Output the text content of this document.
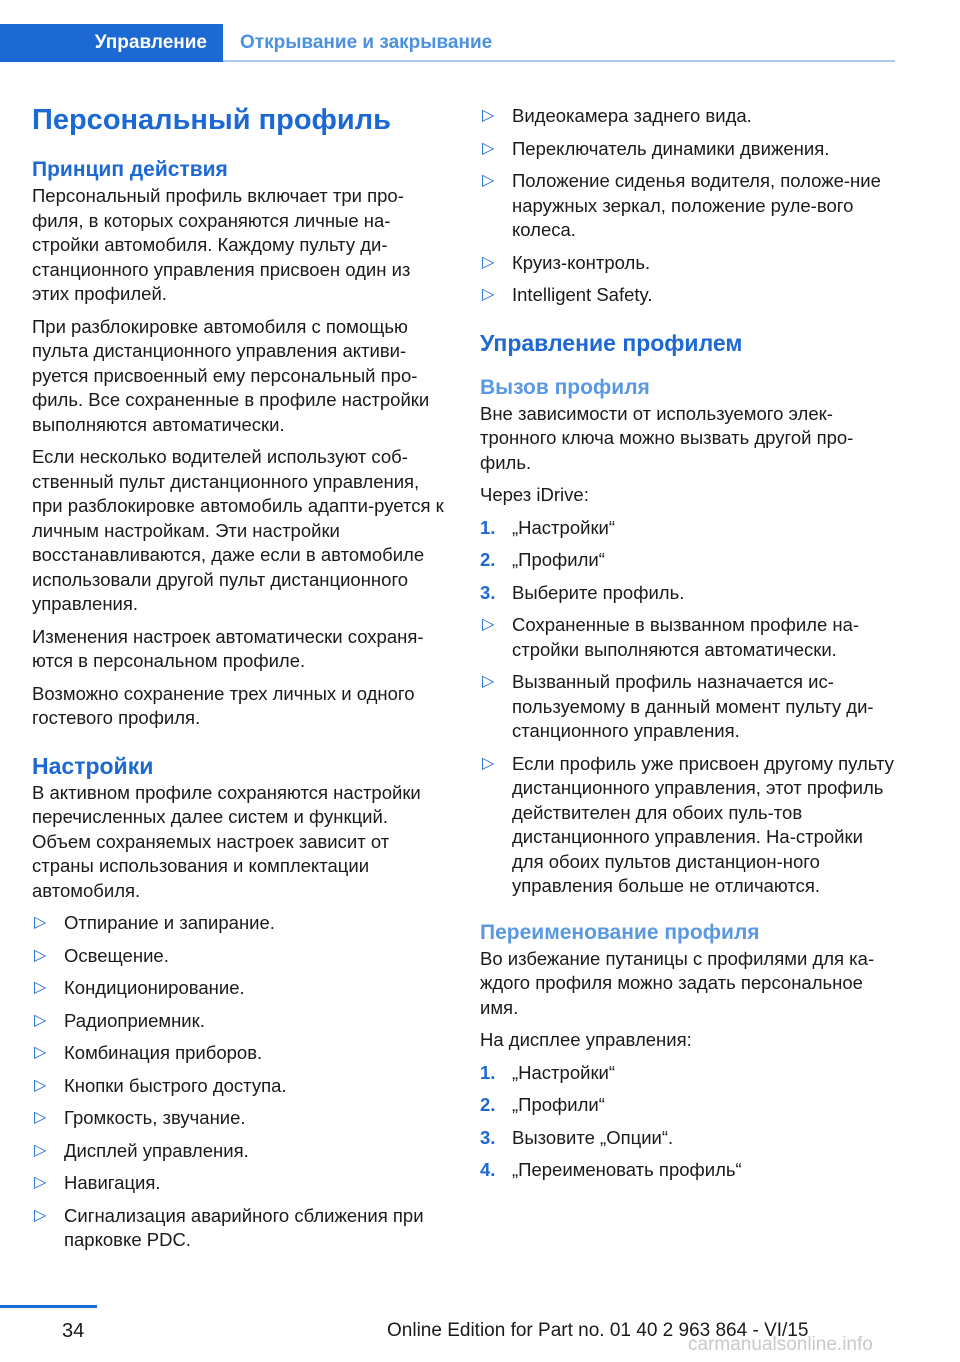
Управление Открывание и закрывание
Персональный профиль
Принцип действия

Персональный профиль включает три про-филя, в которых сохраняются личные на-стройки автомобиля. Каждому пульту ди-станционного управления присвоен один из этих профилей.

При разблокировке автомобиля с помощью пульта дистанционного управления активи-руется присвоенный ему персональный про-филь. Все сохраненные в профиле настройки выполняются автоматически.

Если несколько водителей используют соб-ственный пульт дистанционного управления, при разблокировке автомобиль адапти-руется к личным настройкам. Эти настройки восстанавливаются, даже если в автомобиле использовали другой пульт дистанционного управления.

Изменения настроек автоматически сохраня-ются в персональном профиле.

Возможно сохранение трех личных и одного гостевого профиля.

Настройки

В активном профиле сохраняются настройки перечисленных далее систем и функций. Объем сохраняемых настроек зависит от страны использования и комплектации автомобиля.

▷ Отпирание и запирание.
▷ Освещение.
▷ Кондиционирование.
▷ Радиоприемник.
▷ Комбинация приборов.
▷ Кнопки быстрого доступа.
▷ Громкость, звучание.
▷ Дисплей управления.
▷ Навигация.
▷ Сигнализация аварийного сближения при парковке PDC.
▷ Видеокамера заднего вида.
▷ Переключатель динамики движения.
▷ Положение сиденья водителя, положе-ние наружных зеркал, положение руле-вого колеса.
▷ Круиз-контроль.
▷ Intelligent Safety.
Управление профилем
Вызов профиля

Вне зависимости от используемого элек-тронного ключа можно вызвать другой про-филь.

Через iDrive:

1. „Настройки“
2. „Профили“
3. Выберите профиль.
▷ Сохраненные в вызванном профиле на-стройки выполняются автоматически.
▷ Вызванный профиль назначается ис-пользуемому в данный момент пульту ди-станционного управления.
▷ Если профиль уже присвоен другому пульту дистанционного управления, этот профиль действителен для обоих пуль-тов дистанционного управления. На-стройки для обоих пультов дистанцион-ного управления больше не отличаются.
Переименование профиля

Во избежание путаницы с профилями для ка-ждого профиля можно задать персональное имя.

На дисплее управления:

1. „Настройки“
2. „Профили“
3. Вызовите „Опции“.
4. „Переименовать профиль“
34	Online Edition for Part no. 01 40 2 963 864 - VI/15
carmanualsonline.info
